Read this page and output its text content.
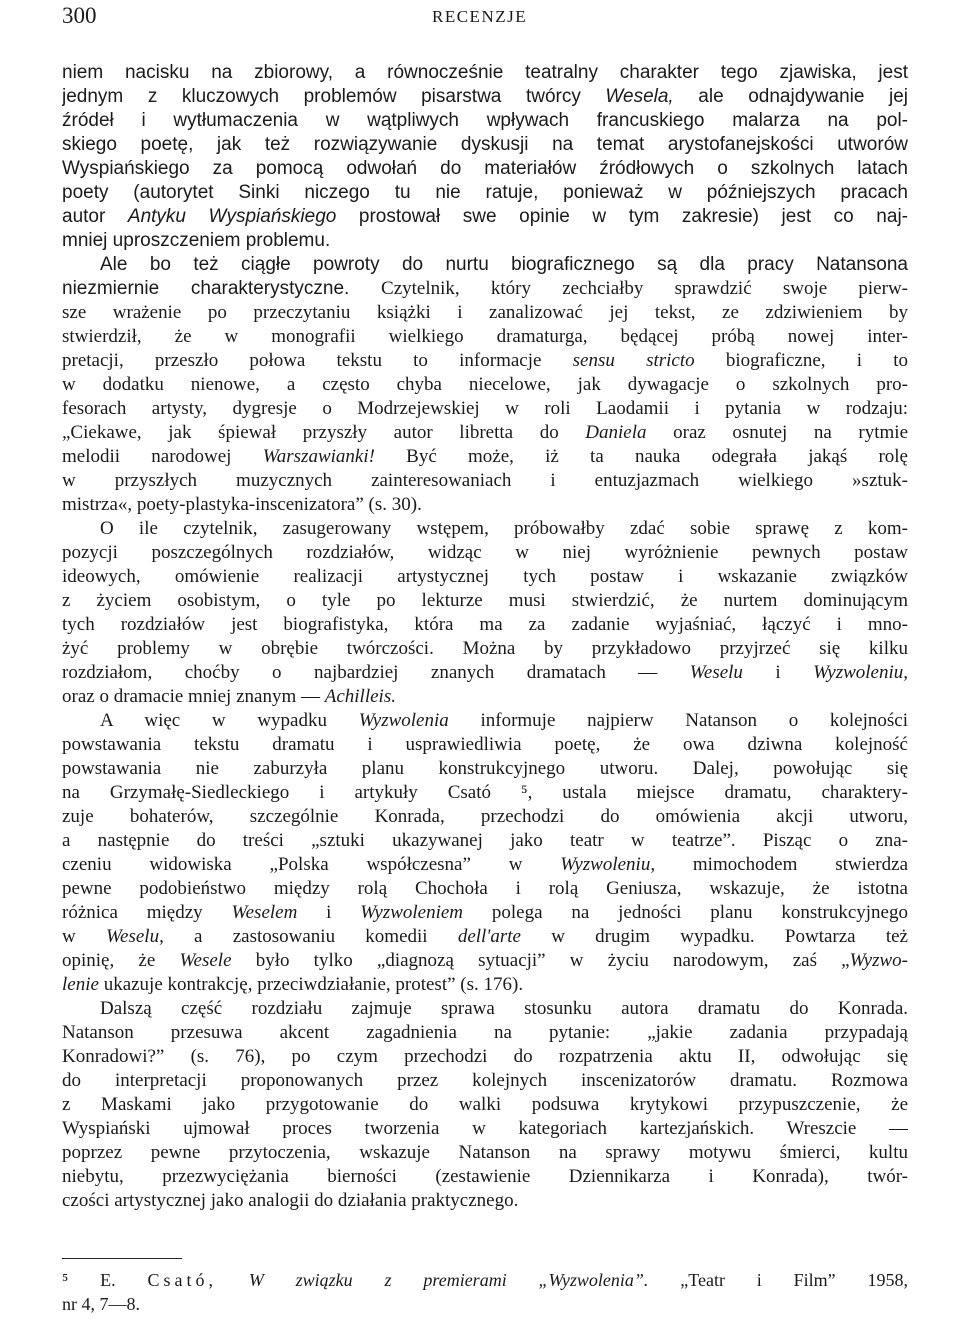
300	RECENZJE
niem nacisku na zbiorowy, a równocześnie teatralny charakter tego zjawiska, jest
jednym z kluczowych problemów pisarstwa twórcy Wesela, ale odnajdywanie jej
źródeł i wytłumaczenia w wątpliwych wpływach francuskiego malarza na pol-
skiego poetę, jak też rozwiązywanie dyskusji na temat arystofanejskości utworów
Wyspiańskiego za pomocą odwołań do materiałów źródłowych o szkolnych latach
poety (autorytet Sinki niczego tu nie ratuje, ponieważ w późniejszych pracach
autor Antyku Wyspiańskiego prostował swe opinie w tym zakresie) jest co naj-
mniej uproszczeniem problemu.
Ale bo też ciągłe powroty do nurtu biograficznego są dla pracy Natansona
niezmiernie charakterystyczne. Czytelnik, który zechciałby sprawdzić swoje pierw-
sze wrażenie po przeczytaniu książki i zanalizować jej tekst, ze zdziwieniem by
stwierdził, że w monografii wielkiego dramaturga, będącej próbą nowej inter-
pretacji, przeszło połowa tekstu to informacje sensu stricto biograficzne, i to
w dodatku nienowe, a często chyba niecelowe, jak dywagacje o szkolnych pro-
fesorach artysty, dygresje o Modrzejewskiej w roli Laodamii i pytania w rodzaju:
„Ciekawe, jak śpiewał przyszły autor libretta do Daniela oraz osnutej na rytmie
melodii narodowej Warszawianki! Być może, iż ta nauka odegrała jakąś rolę
w przyszłych muzycznych zainteresowaniach i entuzjazmach wielkiego »sztuk-
mistrza«, poety-plastyka-inscenizatora” (s. 30).
O ile czytelnik, zasugerowany wstępem, próbowałby zdać sobie sprawę z kom-
pozycji poszczególnych rozdziałów, widząc w niej wyróżnienie pewnych postaw
ideowych, omówienie realizacji artystycznej tych postaw i wskazanie związków
z życiem osobistym, o tyle po lekturze musi stwierdzić, że nurtem dominującym
tych rozdziałów jest biografistyka, która ma za zadanie wyjaśniać, łączyć i mno-
żyć problemy w obrębie twórczości. Można by przykładowo przyjrzeć się kilku
rozdziałom, choćby o najbardziej znanych dramatach — Weselu i Wyzwoleniu,
oraz o dramacie mniej znanym — Achilleis.
A więc w wypadku Wyzwolenia informuje najpierw Natanson o kolejności
powstawania tekstu dramatu i usprawiedliwia poetę, że owa dziwna kolejność
powstawania nie zaburzyła planu konstrukcyjnego utworu. Dalej, powołując się
na Grzymałę-Siedleckiego i artykuły Csató ⁵, ustala miejsce dramatu, charaktery-
zuje bohaterów, szczególnie Konrada, przechodzi do omówienia akcji utworu,
a następnie do treści „sztuki ukazywanej jako teatr w teatrze”. Pisząc o zna-
czeniu widowiska „Polska współczesna” w Wyzwoleniu, mimochodem stwierdza
pewne podobieństwo między rolą Chochoła i rolą Geniusza, wskazuje, że istotna
różnica między Weselem i Wyzwoleniem polega na jedności planu konstrukcyjnego
w Weselu, a zastosowaniu komedii dell'arte w drugim wypadku. Powtarza też
opinię, że Wesele było tylko „diagnozą sytuacji” w życiu narodowym, zaś „Wyzwo-
lenie ukazuje kontrakcję, przeciwdziałanie, protest” (s. 176).
Dalszą część rozdziału zajmuje sprawa stosunku autora dramatu do Konrada.
Natanson przesuwa akcent zagadnienia na pytanie: „jakie zadania przypadają
Konradowi?” (s. 76), po czym przechodzi do rozpatrzenia aktu II, odwołując się
do interpretacji proponowanych przez kolejnych inscenizatorów dramatu. Rozmowa
z Maskami jako przygotowanie do walki podsuwa krytykowi przypuszczenie, że
Wyspiański ujmował proces tworzenia w kategoriach kartezjańskich. Wreszcie —
poprzez pewne przytoczenia, wskazuje Natanson na sprawy motywu śmierci, kultu
niebytu, przezwyciężania bierności (zestawienie Dziennikarza i Konrada), twór-
czości artystycznej jako analogii do działania praktycznego.
⁵ E. Csató, W związku z premierami „Wyzwolenia”. „Teatr i Film” 1958,
nr 4, 7—8.
